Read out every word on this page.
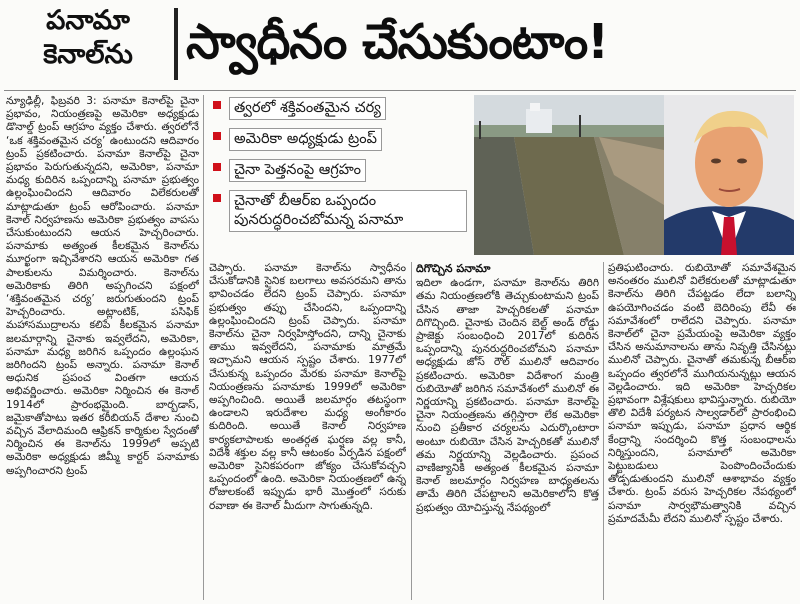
పనామా
కెనాల్‌ను	స్వాధీనం చేసుకుంటాం!
న్యూఢిల్లీ, ఫిబ్రవరి 3: పనామా కెనాల్‌పై చైనా ప్రభావం, నియంత్రణపై అమెరికా అధ్యక్షుడు డొనాల్డ్‌ ట్రంప్‌ ఆగ్రహం వ్యక్తం చేశారు. త్వరలోనే ‘ఒక శక్తివంతమైన చర్య’ ఉంటుందని ఆదివారం ట్రంప్‌ ప్రకటించారు. పనామా కెనాల్‌పై చైనా ప్రభావం పెరుగుతున్నదని, అమెరికా, పనామా మధ్య కుదిరిన ఒప్పందాన్ని పనామా ప్రభుత్వం ఉల్లంఘించిందని ఆదివారం విలేకరులతో మాట్లాడుతూ ట్రంప్‌ ఆరోపించారు. పనామా కెనాల్‌ నిర్వహణను అమెరికా ప్రభుత్వం వాపసు చేసుకుంటుందని ఆయన హెచ్చరించారు. పనామాకు అత్యంత కీలకమైన కెనాల్‌ను మూర్ఖంగా ఇచ్చివేశారని ఆయన అమెరికా గత పాలకులను విమర్శించారు. కెనాల్‌ను అమెరికాకు తిరిగి అప్పగించని పక్షంలో ‘శక్తివంతమైన చర్య’ జరుగుతుందని ట్రంప్‌ హెచ్చరించారు. అట్లాంటిక్‌, పసిఫిక్‌ మహాసముద్రాలను కలిపే కీలకమైన పనామా జలమార్గాన్ని చైనాకు ఇవ్వలేదని, అమెరికా, పనామా మధ్య జరిగిన ఒప్పందం ఉల్లంఘన జరిగిందని ట్రంప్‌ అన్నారు. పనామా కెనాల్‌ అధునిక ప్రపంచ వింతగా ఆయన అభివర్ణించారు. అమెరికా నిర్మించిన ఈ కెనాల్‌ 1914లో ప్రారంభమైంది. బార్బడాస్‌, జమైకాతోపాటు ఇతర కరీబియన్‌ దేశాల నుంచి వచ్చిన వేలాదిమంది ఆఫ్రికన్‌ కార్మికుల స్వేదంతో నిర్మించిన ఈ కెనాల్‌ను 1999లో అప్పటి అమెరికా అధ్యక్షుడు జిమ్మీ కార్టర్‌ పనామాకు అప్పగించారని ట్రంప్‌
త్వరలో శక్తివంతమైన చర్య
అమెరికా అధ్యక్షుడు ట్రంప్
చైనా పెత్తనంపై ఆగ్రహం
చైనాతో బీఆర్‌ఐ ఒప్పందం పునరుద్ధరించబోమన్న పనామా
చెప్పారు. పనామా కెనాల్‌ను స్వాధీనం చేసుకోడానికి సైనిక బలగాలు అవసరమని తాను భావించడం లేదని ట్రంప్‌ చెప్పారు. పనామా ప్రభుత్వం తప్పు చేసిందని, ఒప్పందాన్ని ఉల్లంఘించిందని ట్రంప్‌ చెప్పారు. పనామా కెనాల్‌ను చైనా నిర్వహిస్తోందని, దాన్ని చైనాకు తాము ఇవ్వలేదని, పనామాకు మాత్రమే ఇచ్చామని ఆయన స్పష్టం చేశారు. 1977లో చేసుకున్న ఒప్పందం మేరకు పనామా కెనాల్‌పై నియంత్రణను పనామాకు 1999లో అమెరికా అప్పగించింది. అయితే జలమార్గం తటస్థంగా ఉండాలని ఇరుదేశాల మధ్య అంగీకారం కుదిరింది. అయితే కెనాల్‌ నిర్వహణ కార్యకలాపాలకు అంతర్గత ఘర్షణ వల్ల కానీ, విదేశీ శక్తుల వల్ల కానీ ఆటంకం ఏర్పడిన పక్షంలో అమెరికా సైనికపరంగా జోక్యం చేసుకోవచ్చని ఒప్పందంలో ఉంది. అమెరికా నియంత్రణలో ఉన్న రోజులకంటే ఇప్పుడు భారీ మొత్తంలో సరుకు రవాణా ఈ కెనాల్‌ మీదుగా సాగుతున్నది.
దిగొచ్చిన పనామా
ఇదిలా ఉండగా, పనామా కెనాల్‌ను తిరిగి తమ నియంత్రణలోకి తెచ్చుకుంటామని ట్రంప్‌ చేసిన తాజా హెచ్చరికలతో పనామా దిగొచ్చింది. చైనాకు చెందిన బెల్ట్‌ అండ్‌ రోడ్డు ప్రాజెక్టు సంబంధించి 2017లో కుదిరిన ఒప్పందాన్ని పునరుద్ధరించబోమని పనామా అధ్యక్షుడు జోస్‌ రౌల్‌ ములినో ఆదివారం ప్రకటించారు. అమెరికా విదేశాంగ మంత్రి రుబియోతో జరిగిన సమావేశంలో ములినో ఈ నిర్ణయాన్ని ప్రకటించారు. పనామా కెనాల్‌పై చైనా నియంత్రణను తగ్గిస్తారా లేక అమెరికా నుంచి ప్రతీకార చర్యలను ఎదుర్కొంటారా అంటూ రుబియో చేసిన హెచ్చరికతో ములినో తమ నిర్ణయాన్ని వెల్లడించారు. ప్రపంచ వాణిజ్యానికి అత్యంత కీలకమైన పనామా కెనాల్‌ జలమార్గం నిర్వహణ బాధ్యతలను తామే తిరిగి చేపట్టాలని అమెరికాలోని కొత్త ప్రభుత్వం యోచిస్తున్న నేపథ్యంలో
ప్రతిఘటించారు. రుబియోతో సమావేశమైన అనంతరం ములినో విలేకరులతో మాట్లాడుతూ కెనాల్‌ను తిరిగి చేపట్టడం లేదా బలాన్ని ఉపయోగించడం వంటి బెదిరింపు లేవీ ఈ సమావేశంలో రాలేదని చెప్పారు. పనామా కెనాల్‌లో చైనా ప్రమేయంపై అమెరికా వ్యక్తం చేసిన అనుమానాలను తాను నివృత్తి చేసినట్లు ములినో చెప్పారు. చైనాతో తమకున్న బీఆర్‌ఐ ఒప్పందం త్వరలోనే ముగియనున్నట్లు ఆయన వెల్లడించారు. ఇది అమెరికా హెచ్చరికల ప్రభావంగా విశ్లేషకులు భావిస్తున్నారు. రుబియో తొలి విదేశీ పర్యటన సాల్వడార్‌లో ప్రారంభించి పనామా ఇప్పుడు, పనామా ప్రధాన ఆర్థిక కేంద్రాన్ని సందర్శించి కొత్త సంబంధాలను నిర్మిస్తుందని, పనామాలో అమెరికా పెట్టుబడులు పెంపొందించేందుకు తోడ్పడుతుందని ములినో ఆశాభావం వ్యక్తం చేశారు. ట్రంప్‌ వరుస హెచ్చరికల నేపథ్యంలో పనామా సార్వభౌమత్వానికి వచ్చిన ప్రమాదమేమీ లేదని ములినో స్పష్టం చేశారు.
